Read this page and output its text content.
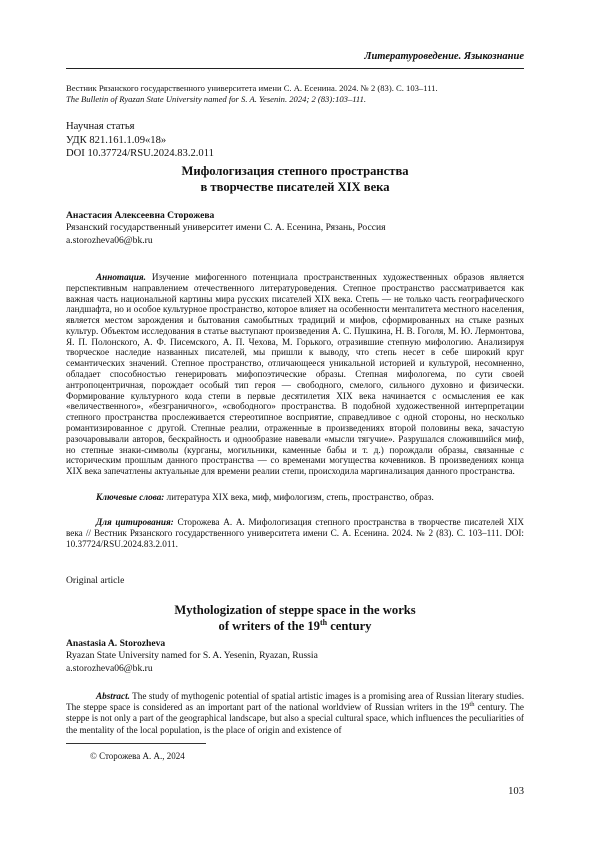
Литературоведение. Языкознание
Вестник Рязанского государственного университета имени С. А. Есенина. 2024. № 2 (83). С. 103–111.
The Bulletin of Ryazan State University named for S. A. Yesenin. 2024; 2 (83):103–111.
Научная статья
УДК 821.161.1.09«18»
DOI 10.37724/RSU.2024.83.2.011
Мифологизация степного пространства
в творчестве писателей XIX века
Анастасия Алексеевна Сторожева
Рязанский государственный университет имени С. А. Есенина, Рязань, Россия
a.storozheva06@bk.ru
Аннотация. Изучение мифогенного потенциала пространственных художественных образов является перспективным направлением отечественного литературоведения. Степное пространство рассматривается как важная часть национальной картины мира русских писателей XIX века. Степь — не только часть географического ландшафта, но и особое культурное пространство, которое влияет на особенности менталитета местного населения, является местом зарождения и бытования самобытных традиций и мифов, сформированных на стыке разных культур. Объектом исследования в статье выступают произведения А. С. Пушкина, Н. В. Гоголя, М. Ю. Лермонтова, Я. П. Полонского, А. Ф. Писемского, А. П. Чехова, М. Горького, отразившие степную мифологию. Анализируя творческое наследие названных писателей, мы пришли к выводу, что степь несет в себе широкий круг семантических значений. Степное пространство, отличающееся уникальной историей и культурой, несомненно, обладает способностью генерировать мифопоэтические образы. Степная мифологема, по сути своей антропоцентричная, порождает особый тип героя — свободного, смелого, сильного духовно и физически. Формирование культурного кода степи в первые десятилетия XIX века начинается с осмысления ее как «величественного», «безграничного», «свободного» пространства. В подобной художественной интерпретации степного пространства прослеживается стереотипное восприятие, справедливое с одной стороны, но несколько романтизированное с другой. Степные реалии, отраженные в произведениях второй половины века, зачастую разочаровывали авторов, бескрайность и однообразие навевали «мысли тягучие». Разрушался сложившийся миф, но степные знаки-символы (курганы, могильники, каменные бабы и т. д.) порождали образы, связанные с историческим прошлым данного пространства — со временами могущества кочевников. В произведениях конца XIX века запечатлены актуальные для времени реалии степи, происходила маргинализация данного пространства.
Ключевые слова: литература XIX века, миф, мифологизм, степь, пространство, образ.
Для цитирования: Сторожева А. А. Мифологизация степного пространства в творчестве писателей XIX века // Вестник Рязанского государственного университета имени С. А. Есенина. 2024. № 2 (83). С. 103–111. DOI: 10.37724/RSU.2024.83.2.011.
Original article
Mythologization of steppe space in the works
of writers of the 19th century
Anastasia A. Storozheva
Ryazan State University named for S. A. Yesenin, Ryazan, Russia
a.storozheva06@bk.ru
Abstract. The study of mythogenic potential of spatial artistic images is a promising area of Russian literary studies. The steppe space is considered as an important part of the national worldview of Russian writers in the 19th century. The steppe is not only a part of the geographical landscape, but also a special cultural space, which influences the peculiarities of the mentality of the local population, is the place of origin and existence of
© Сторожева А. А., 2024
103
